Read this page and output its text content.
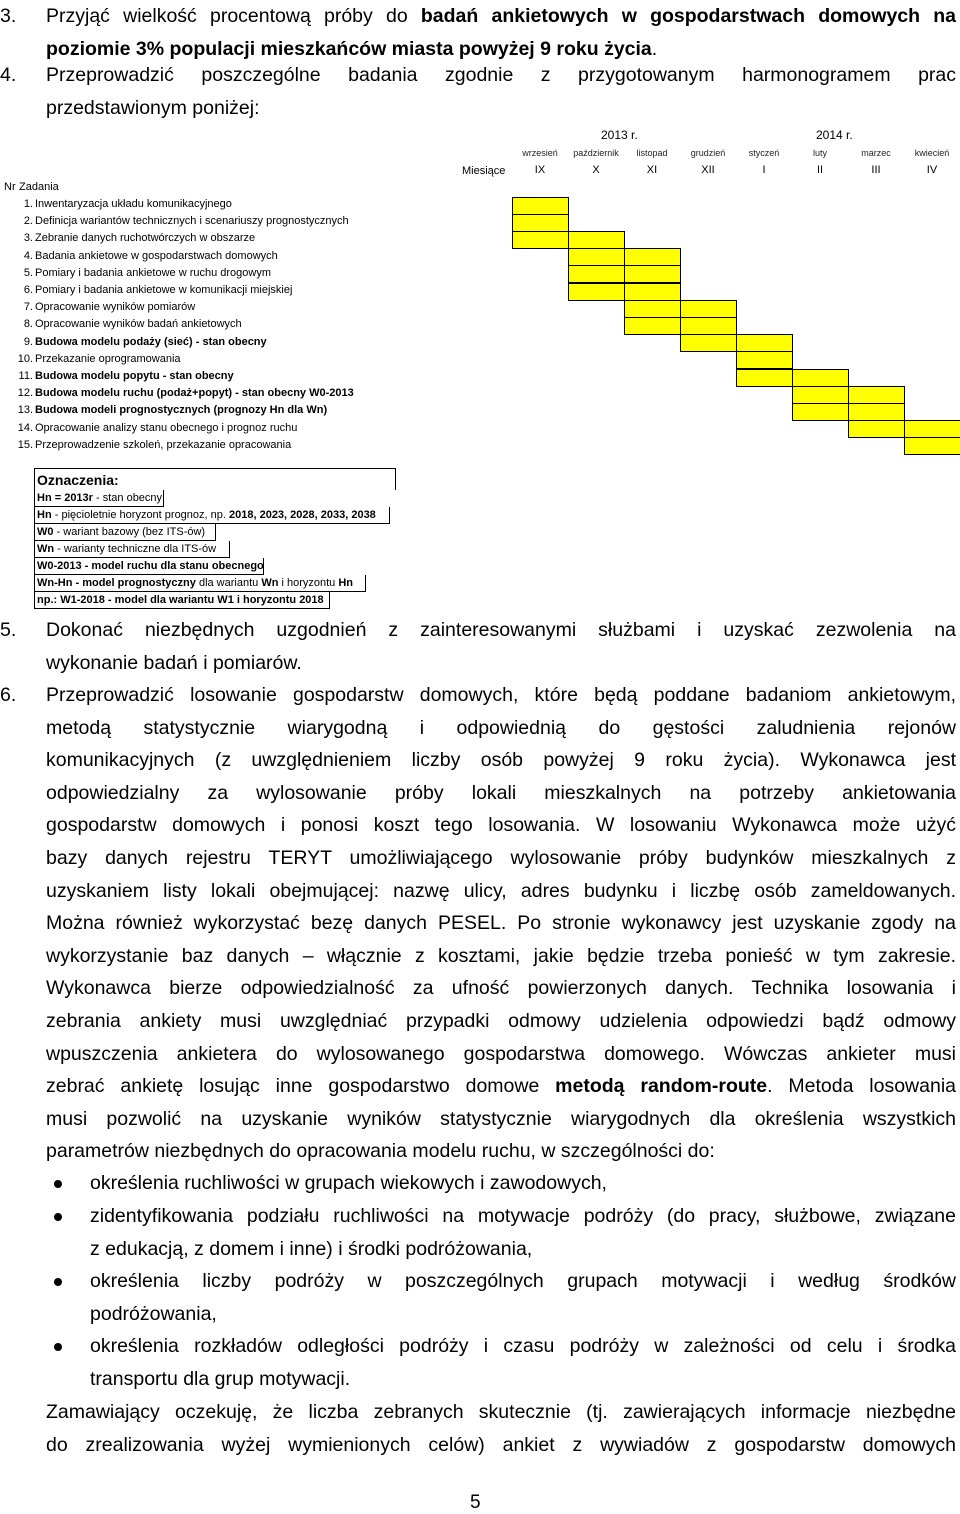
3. Przyjąć wielkość procentową próby do badań ankietowych w gospodarstwach domowych na
poziomie 3% populacji mieszkańców miasta powyżej 9 roku życia.
4. Przeprowadzić poszczególne badania zgodnie z przygotowanym harmonogramem prac
przedstawionym poniżej:
2013 r.	2014 r.
Miesiące
Nr Zadania
wrzesień
IX
październik
X
listopad
XI
grudzień
XII
styczeń
I
luty
II
marzec
III
kwiecień
IV
1. Inwentaryzacja układu komunikacyjnego
2. Definicja wariantów technicznych i scenariuszy prognostycznych
3. Zebranie danych ruchotwórczych w obszarze
4. Badania ankietowe w gospodarstwach domowych
5. Pomiary i badania ankietowe w ruchu drogowym
6. Pomiary i badania ankietowe w komunikacji miejskiej
7. Opracowanie wyników pomiarów
8. Opracowanie wyników badań ankietowych
9. Budowa modelu podaży (sieć) - stan obecny
10. Przekazanie oprogramowania
11. Budowa modelu popytu - stan obecny
12. Budowa modelu ruchu (podaż+popyt) - stan obecny W0-2013
13. Budowa modeli prognostycznych (prognozy Hn dla Wn)
14. Opracowanie analizy stanu obecnego i prognoz ruchu
15. Przeprowadzenie szkoleń, przekazanie opracowania
Oznaczenia:
Hn = 2013r - stan obecny
Hn - pięcioletnie horyzont prognoz, np. 2018, 2023, 2028, 2033, 2038
W0 - wariant bazowy (bez ITS-ów)
Wn - warianty techniczne dla ITS-ów
W0-2013 - model ruchu dla stanu obecnego
Wn-Hn - model prognostyczny dla wariantu Wn i horyzontu Hn
np.: W1-2018 - model dla wariantu W1 i horyzontu 2018
5. Dokonać niezbędnych uzgodnień z zainteresowanymi służbami i uzyskać zezwolenia na
wykonanie badań i pomiarów.
6. Przeprowadzić losowanie gospodarstw domowych, które będą poddane badaniom ankietowym,
metodą statystycznie wiarygodną i odpowiednią do gęstości zaludnienia rejonów
komunikacyjnych (z uwzględnieniem liczby osób powyżej 9 roku życia). Wykonawca jest
odpowiedzialny za wylosowanie próby lokali mieszkalnych na potrzeby ankietowania
gospodarstw domowych i ponosi koszt tego losowania. W losowaniu Wykonawca może użyć
bazy danych rejestru TERYT umożliwiającego wylosowanie próby budynków mieszkalnych z
uzyskaniem listy lokali obejmującej: nazwę ulicy, adres budynku i liczbę osób zameldowanych.
Można również wykorzystać bezę danych PESEL. Po stronie wykonawcy jest uzyskanie zgody na
wykorzystanie baz danych – włącznie z kosztami, jakie będzie trzeba ponieść w tym zakresie.
Wykonawca bierze odpowiedzialność za ufność powierzonych danych. Technika losowania i
zebrania ankiety musi uwzględniać przypadki odmowy udzielenia odpowiedzi bądź odmowy
wpuszczenia ankietera do wylosowanego gospodarstwa domowego. Wówczas ankieter musi
zebrać ankietę losując inne gospodarstwo domowe metodą random-route. Metoda losowania
musi pozwolić na uzyskanie wyników statystycznie wiarygodnych dla określenia wszystkich
parametrów niezbędnych do opracowania modelu ruchu, w szczególności do:
określenia ruchliwości w grupach wiekowych i zawodowych,
zidentyfikowania podziału ruchliwości na motywacje podróży (do pracy, służbowe, związane
z edukacją, z domem i inne) i środki podróżowania,
określenia liczby podróży w poszczególnych grupach motywacji i według środków
podróżowania,
określenia rozkładów odległości podróży i czasu podróży w zależności od celu i środka
transportu dla grup motywacji.
Zamawiający oczekuję, że liczba zebranych skutecznie (tj. zawierających informacje niezbędne
do zrealizowania wyżej wymienionych celów) ankiet z wywiadów z gospodarstw domowych
5
